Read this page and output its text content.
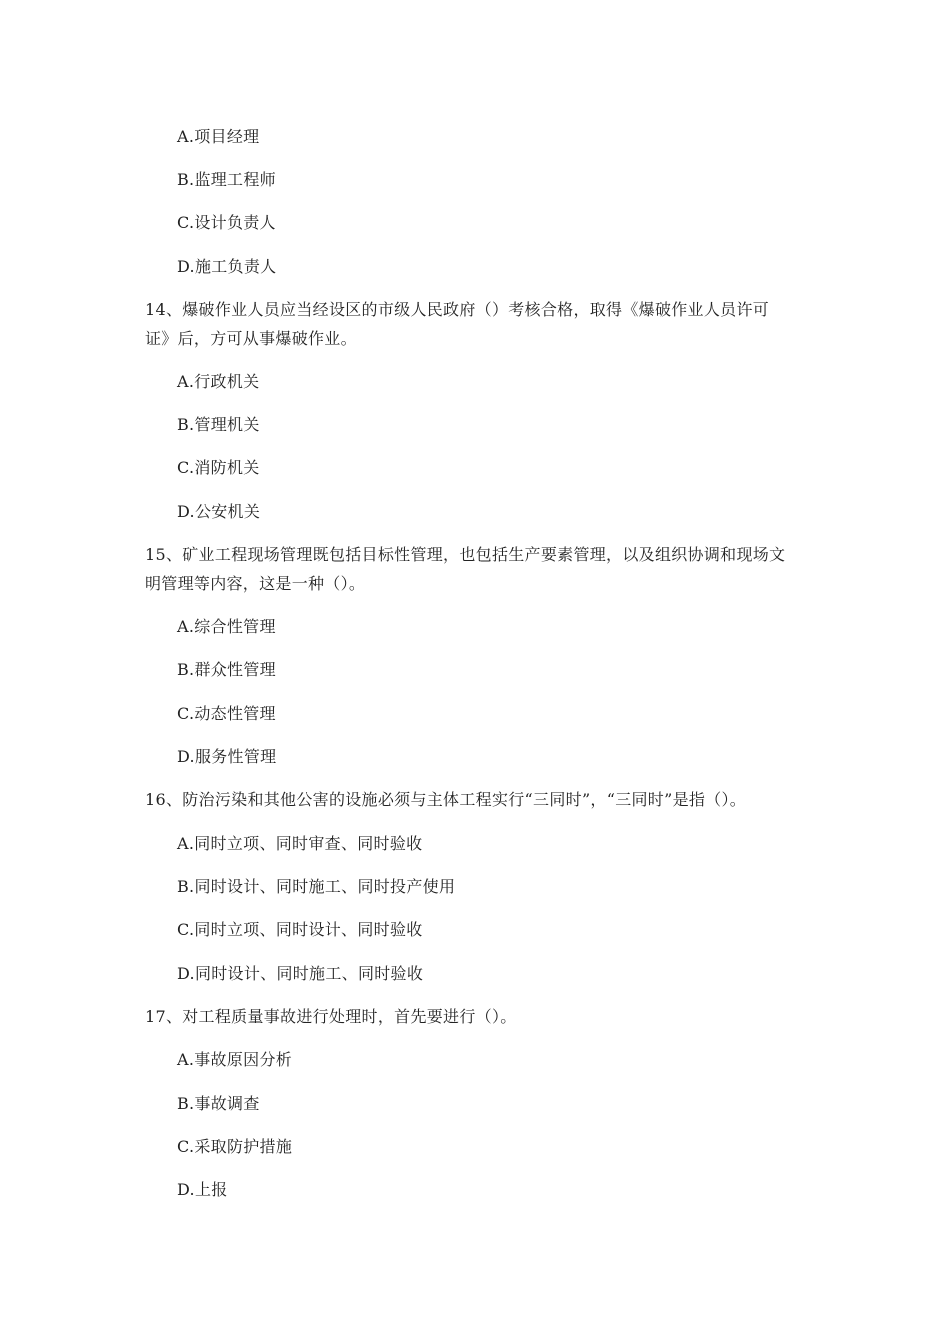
A.项目经理
B.监理工程师
C.设计负责人
D.施工负责人
14、爆破作业人员应当经设区的市级人民政府（）考核合格，取得《爆破作业人员许可
证》后，方可从事爆破作业。
A.行政机关
B.管理机关
C.消防机关
D.公安机关
15、矿业工程现场管理既包括目标性管理，也包括生产要素管理，以及组织协调和现场文
明管理等内容，这是一种（）。
A.综合性管理
B.群众性管理
C.动态性管理
D.服务性管理
16、防治污染和其他公害的设施必须与主体工程实行“三同时”，“三同时”是指（）。
A.同时立项、同时审查、同时验收
B.同时设计、同时施工、同时投产使用
C.同时立项、同时设计、同时验收
D.同时设计、同时施工、同时验收
17、对工程质量事故进行处理时，首先要进行（）。
A.事故原因分析
B.事故调查
C.采取防护措施
D.上报
